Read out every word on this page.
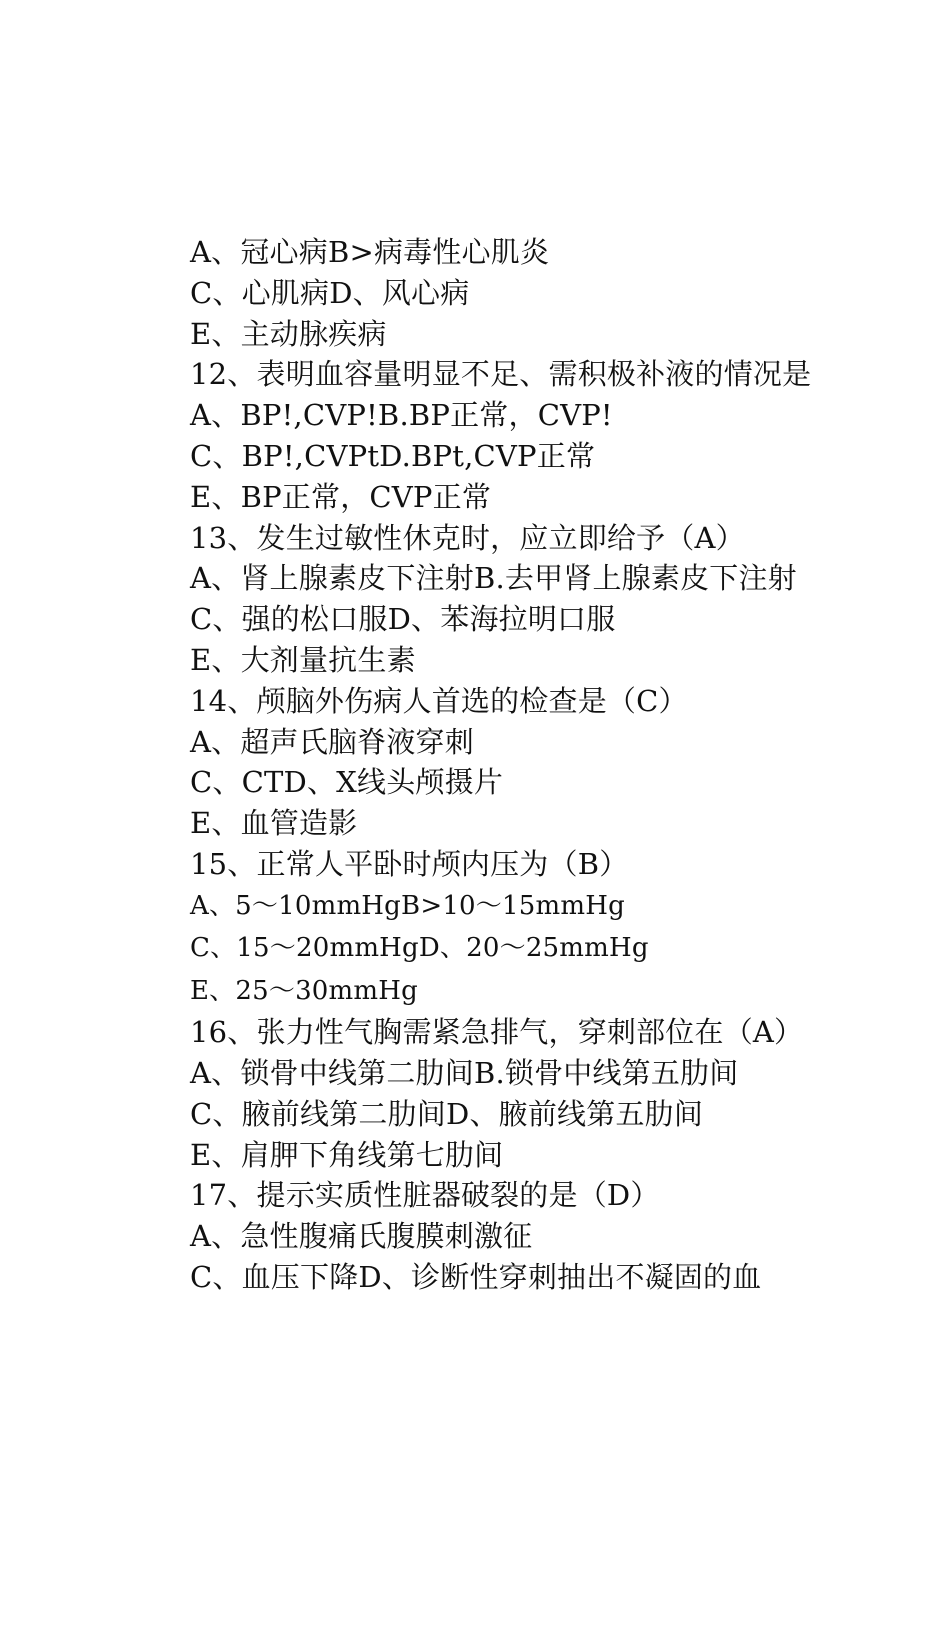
A、冠心病B>病毒性心肌炎
C、心肌病D、风心病
E、主动脉疾病
12、表明血容量明显不足、需积极补液的情况是
A、BP!,CVP!B.BP正常，CVP!
C、BP!,CVPtD.BPt,CVP正常
E、BP正常，CVP正常
13、发生过敏性休克时，应立即给予（A）
A、肾上腺素皮下注射B.去甲肾上腺素皮下注射
C、强的松口服D、苯海拉明口服
E、大剂量抗生素
14、颅脑外伤病人首选的检查是（C）
A、超声氏脑脊液穿刺
C、CTD、X线头颅摄片
E、血管造影
15、正常人平卧时颅内压为（B）
A、5〜10mmHgB>10〜15mmHg
C、15〜20mmHgD、20〜25mmHg
E、25〜30mmHg
16、张力性气胸需紧急排气，穿刺部位在（A）
A、锁骨中线第二肋间B.锁骨中线第五肋间
C、腋前线第二肋间D、腋前线第五肋间
E、肩胛下角线第七肋间
17、提示实质性脏器破裂的是（D）
A、急性腹痛氏腹膜刺激征
C、血压下降D、诊断性穿刺抽出不凝固的血
